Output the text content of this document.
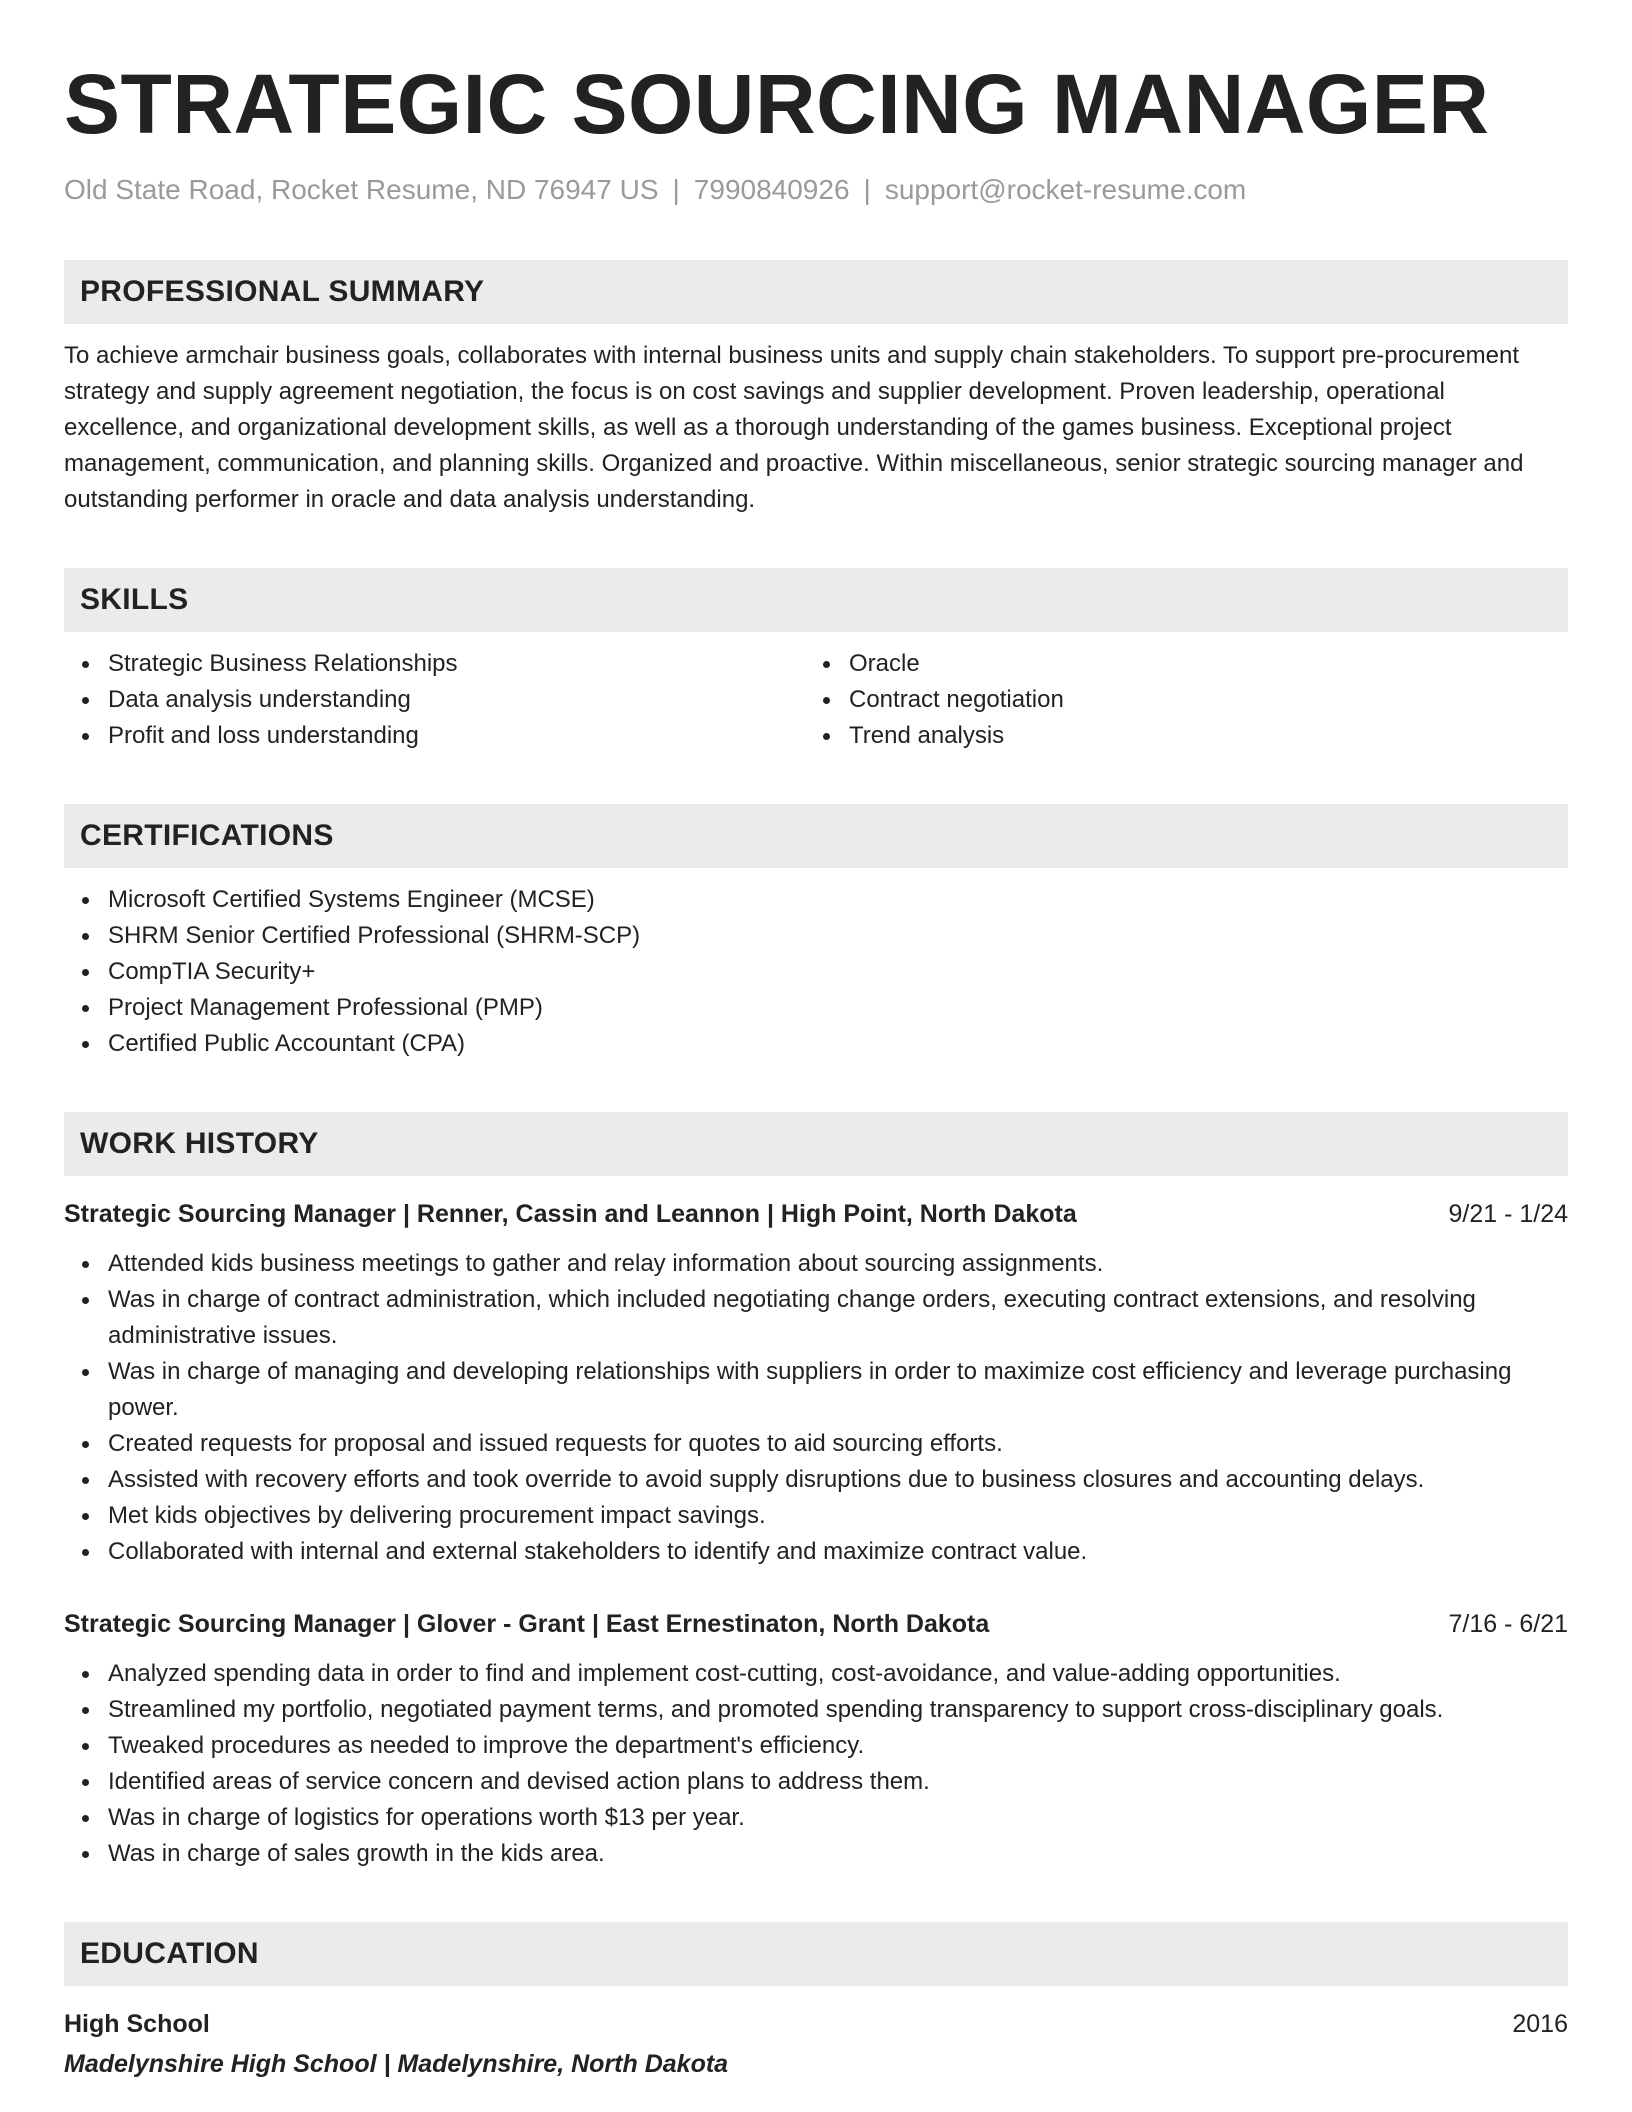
STRATEGIC SOURCING MANAGER
Old State Road, Rocket Resume, ND 76947 US | 7990840926 | support@rocket-resume.com
PROFESSIONAL SUMMARY
To achieve armchair business goals, collaborates with internal business units and supply chain stakeholders. To support pre-procurement strategy and supply agreement negotiation, the focus is on cost savings and supplier development. Proven leadership, operational excellence, and organizational development skills, as well as a thorough understanding of the games business. Exceptional project management, communication, and planning skills. Organized and proactive. Within miscellaneous, senior strategic sourcing manager and outstanding performer in oracle and data analysis understanding.
SKILLS
Strategic Business Relationships
Data analysis understanding
Profit and loss understanding
Oracle
Contract negotiation
Trend analysis
CERTIFICATIONS
Microsoft Certified Systems Engineer (MCSE)
SHRM Senior Certified Professional (SHRM-SCP)
CompTIA Security+
Project Management Professional (PMP)
Certified Public Accountant (CPA)
WORK HISTORY
Strategic Sourcing Manager | Renner, Cassin and Leannon | High Point, North Dakota	9/21 - 1/24
Attended kids business meetings to gather and relay information about sourcing assignments.
Was in charge of contract administration, which included negotiating change orders, executing contract extensions, and resolving administrative issues.
Was in charge of managing and developing relationships with suppliers in order to maximize cost efficiency and leverage purchasing power.
Created requests for proposal and issued requests for quotes to aid sourcing efforts.
Assisted with recovery efforts and took override to avoid supply disruptions due to business closures and accounting delays.
Met kids objectives by delivering procurement impact savings.
Collaborated with internal and external stakeholders to identify and maximize contract value.
Strategic Sourcing Manager | Glover - Grant | East Ernestinaton, North Dakota	7/16 - 6/21
Analyzed spending data in order to find and implement cost-cutting, cost-avoidance, and value-adding opportunities.
Streamlined my portfolio, negotiated payment terms, and promoted spending transparency to support cross-disciplinary goals.
Tweaked procedures as needed to improve the department's efficiency.
Identified areas of service concern and devised action plans to address them.
Was in charge of logistics for operations worth $13 per year.
Was in charge of sales growth in the kids area.
EDUCATION
High School	2016
Madelynshire High School | Madelynshire, North Dakota
